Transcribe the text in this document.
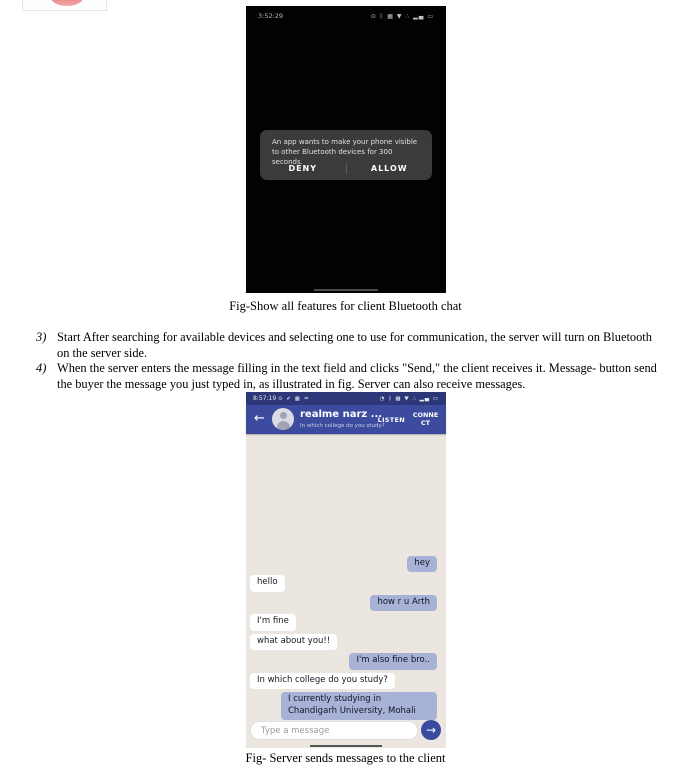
3:52:29	⊙ ᛒ ▦ ▼ ∴ ▂▄ ▭
An app wants to make your phone visible to other Bluetooth devices for 300 seconds.
DENY	ALLOW
Fig-Show all features for client Bluetooth chat
3) Start After searching for available devices and selecting one to use for communication, the server will turn on Bluetooth on the server side.
4) When the server enters the message filling in the text field and clicks "Send," the client receives it. Message- button send the buyer the message you just typed in, as illustrated in fig. Server can also receive messages.
8:57:19 ⊙ ✔ ▦ ♒	◔ ᛒ ▦ ▼ ∴ ▂▄ ▭
←	realme narz ...
In which college do you study?
LISTEN
CONNE CT
hey
hello
how r u Arth
I'm fine
what about you!!
I'm also fine bro..
In which college do you study?
I currently studying in Chandigarh University, Mohali
Type a message
→
Fig- Server sends messages to the client
